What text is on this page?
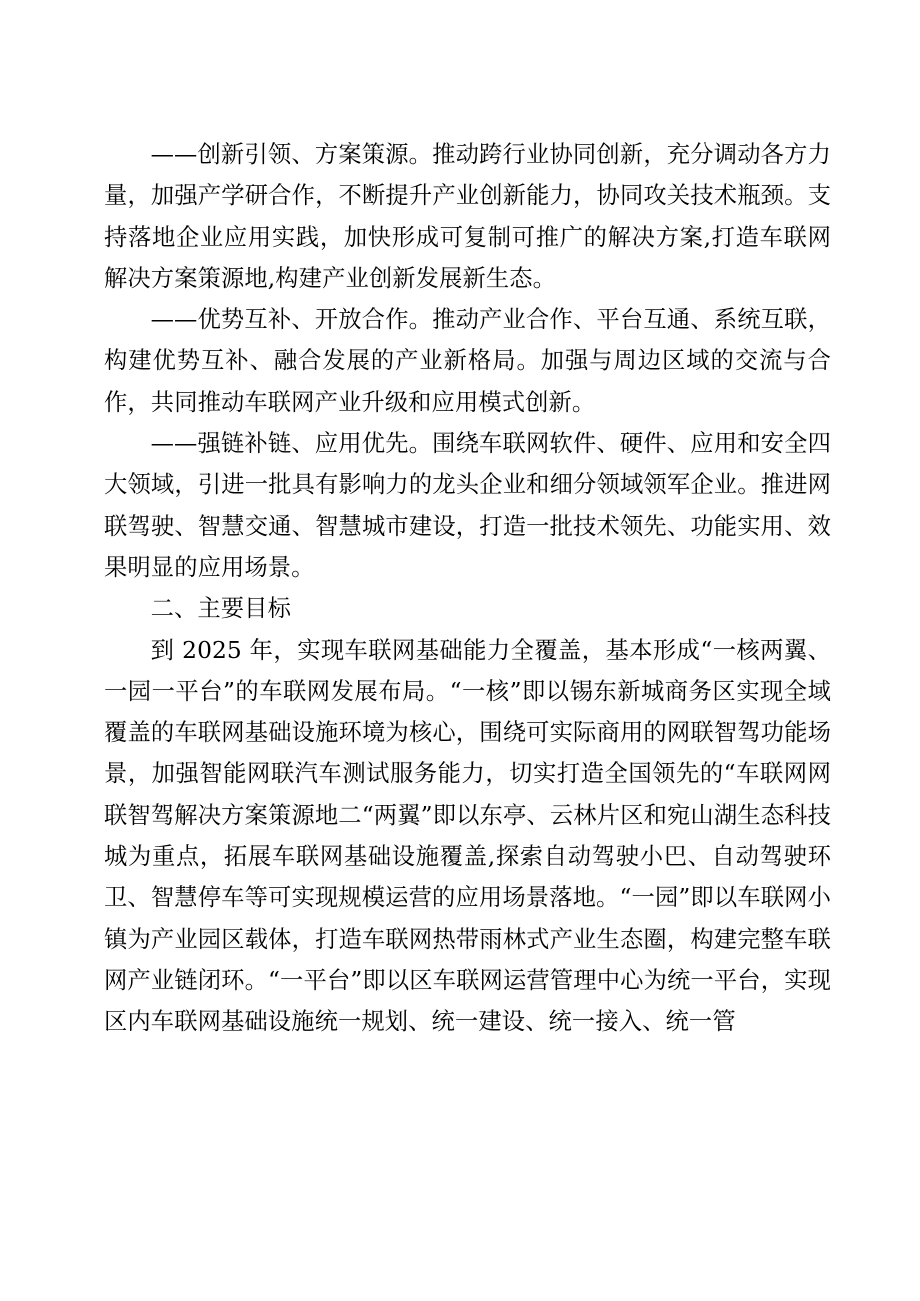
——创新引领、方案策源。推动跨行业协同创新，充分调动各方力量，加强产学研合作，不断提升产业创新能力，协同攻关技术瓶颈。支持落地企业应用实践，加快形成可复制可推广的解决方案,打造车联网解决方案策源地,构建产业创新发展新生态。

——优势互补、开放合作。推动产业合作、平台互通、系统互联，构建优势互补、融合发展的产业新格局。加强与周边区域的交流与合作，共同推动车联网产业升级和应用模式创新。

——强链补链、应用优先。围绕车联网软件、硬件、应用和安全四大领域，引进一批具有影响力的龙头企业和细分领域领军企业。推进网联驾驶、智慧交通、智慧城市建设，打造一批技术领先、功能实用、效果明显的应用场景。

二、主要目标

到 2025 年，实现车联网基础能力全覆盖，基本形成“一核两翼、一园一平台”的车联网发展布局。“一核”即以锡东新城商务区实现全域覆盖的车联网基础设施环境为核心，围绕可实际商用的网联智驾功能场景，加强智能网联汽车测试服务能力，切实打造全国领先的“车联网网联智驾解决方案策源地二“两翼”即以东亭、云林片区和宛山湖生态科技城为重点，拓展车联网基础设施覆盖,探索自动驾驶小巴、自动驾驶环卫、智慧停车等可实现规模运营的应用场景落地。“一园”即以车联网小镇为产业园区载体，打造车联网热带雨林式产业生态圈，构建完整车联网产业链闭环。“一平台”即以区车联网运营管理中心为统一平台，实现区内车联网基础设施统一规划、统一建设、统一接入、统一管
